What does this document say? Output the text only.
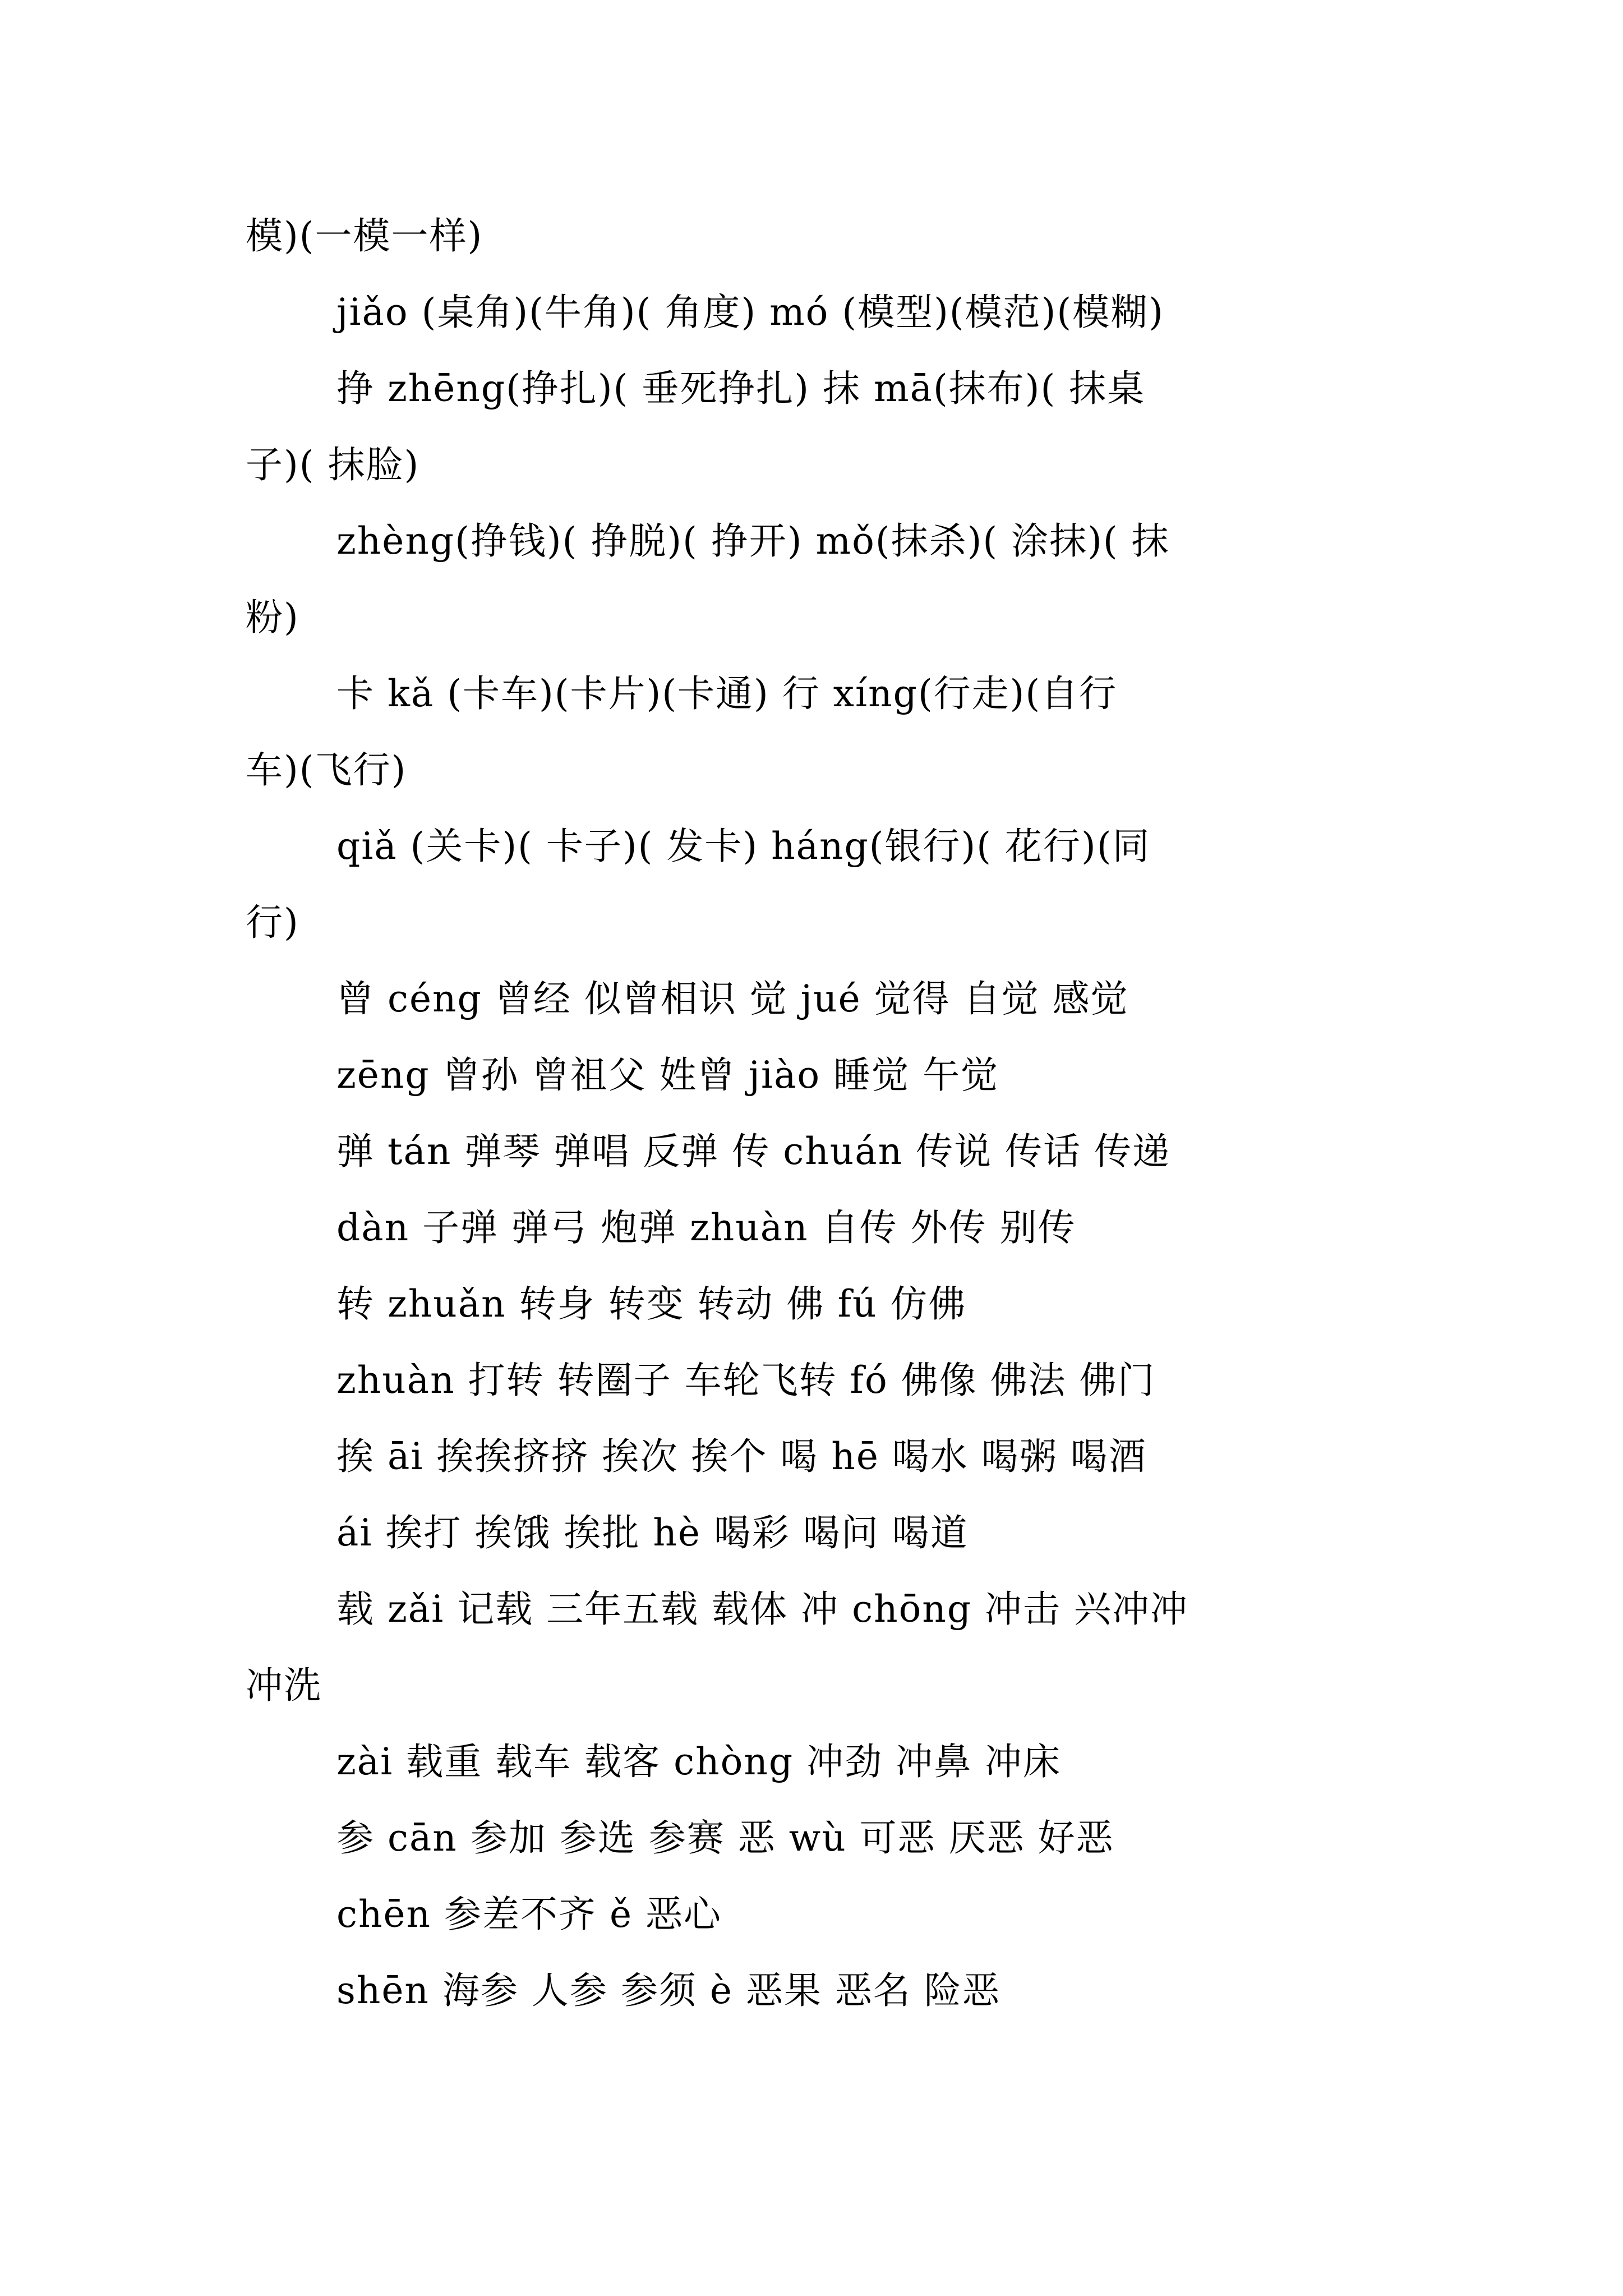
模)(一模一样)
jiǎo (桌角)(牛角)( 角度) mó (模型)(模范)(模糊)
挣 zhēng(挣扎)( 垂死挣扎) 抹 mā(抹布)( 抹桌
子)( 抹脸)
zhèng(挣钱)( 挣脱)( 挣开) mǒ(抹杀)( 涂抹)( 抹
粉)
卡 kǎ (卡车)(卡片)(卡通) 行 xíng(行走)(自行
车)(飞行)
qiǎ (关卡)( 卡子)( 发卡) háng(银行)( 花行)(同
行)
曾 céng 曾经 似曾相识 觉 jué 觉得 自觉 感觉
zēng 曾孙 曾祖父 姓曾 jiào 睡觉 午觉
弹 tán 弹琴 弹唱 反弹 传 chuán 传说 传话 传递
dàn 子弹 弹弓 炮弹 zhuàn 自传 外传 别传
转 zhuǎn 转身 转变 转动 佛 fú 仿佛
zhuàn 打转 转圈子 车轮飞转 fó 佛像 佛法 佛门
挨 āi 挨挨挤挤 挨次 挨个 喝 hē 喝水 喝粥 喝酒
ái 挨打 挨饿 挨批 hè 喝彩 喝问 喝道
载 zǎi 记载 三年五载 载体 冲 chōng 冲击 兴冲冲
冲洗
zài 载重 载车 载客 chòng 冲劲 冲鼻 冲床
参 cān 参加 参选 参赛 恶 wù 可恶 厌恶 好恶
chēn 参差不齐 ě 恶心
shēn 海参 人参 参须 è 恶果 恶名 险恶
